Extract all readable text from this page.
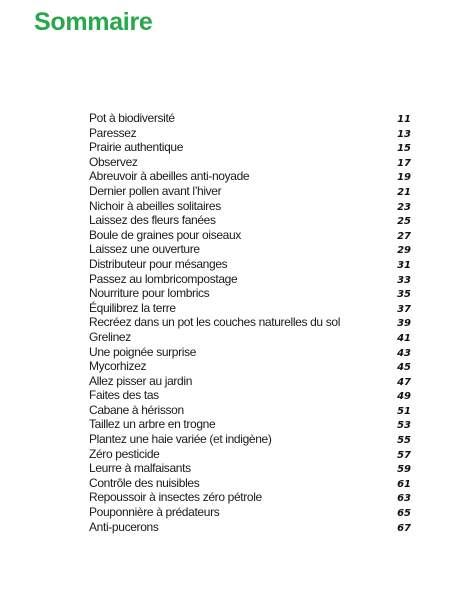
Sommaire
Pot à biodiversité	11
Paressez	13
Prairie authentique	15
Observez	17
Abreuvoir à abeilles anti-noyade	19
Dernier pollen avant l’hiver	21
Nichoir à abeilles solitaires	23
Laissez des fleurs fanées	25
Boule de graines pour oiseaux	27
Laissez une ouverture	29
Distributeur pour mésanges	31
Passez au lombricompostage	33
Nourriture pour lombrics	35
Équilibrez la terre	37
Recréez dans un pot les couches naturelles du sol	39
Grelinez	41
Une poignée surprise	43
Mycorhizez	45
Allez pisser au jardin	47
Faites des tas	49
Cabane à hérisson	51
Taillez un arbre en trogne	53
Plantez une haie variée (et indigène)	55
Zéro pesticide	57
Leurre à malfaisants	59
Contrôle des nuisibles	61
Repoussoir à insectes zéro pétrole	63
Pouponnière à prédateurs	65
Anti-pucerons	67
